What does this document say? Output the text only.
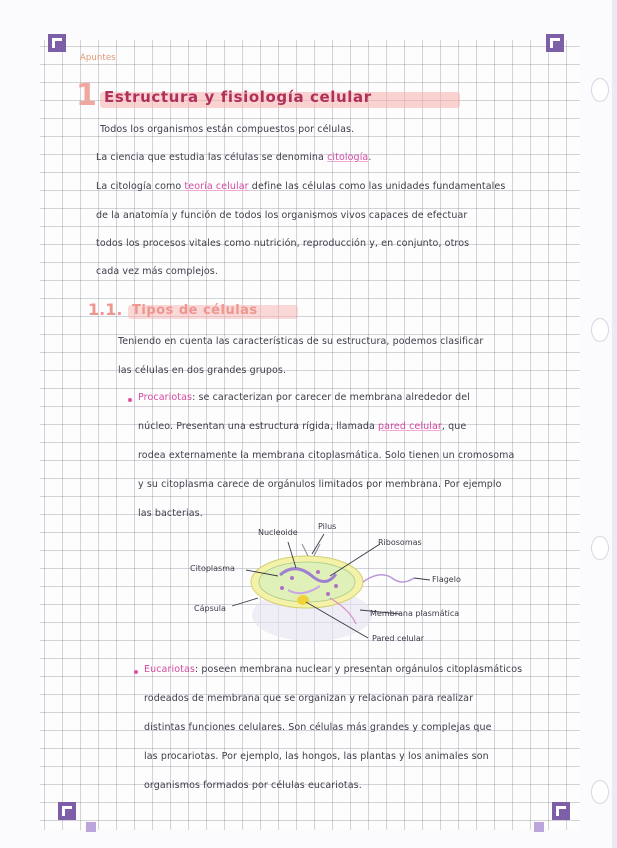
Apuntes
1 Estructura y fisiología celular
Todos los organismos están compuestos por células.
La ciencia que estudia las células se denomina citología.
La citología como teoría celular define las células como las unidades fundamentales
de la anatomía y función de todos los organismos vivos capaces de efectuar
todos los procesos vitales como nutrición, reproducción y, en conjunto, otros
cada vez más complejos.
1.1. Tipos de células
Teniendo en cuenta las características de su estructura, podemos clasificar
las células en dos grandes grupos.
Procariotas: se caracterizan por carecer de membrana alrededor del
núcleo. Presentan una estructura rígida, llamada pared celular, que
rodea externamente la membrana citoplasmática. Solo tienen un cromosoma
y su citoplasma carece de orgánulos limitados por membrana. Por ejemplo
las bacterias.
Nucleoide
Pilus
Ribosomas
Citoplasma
Flagelo
Cápsula
Membrana plasmática
Pared celular
Eucariotas: poseen membrana nuclear y presentan orgánulos citoplasmáticos
rodeados de membrana que se organizan y relacionan para realizar
distintas funciones celulares. Son células más grandes y complejas que
las procariotas. Por ejemplo, las hongos, las plantas y los animales son
organismos formados por células eucariotas.
